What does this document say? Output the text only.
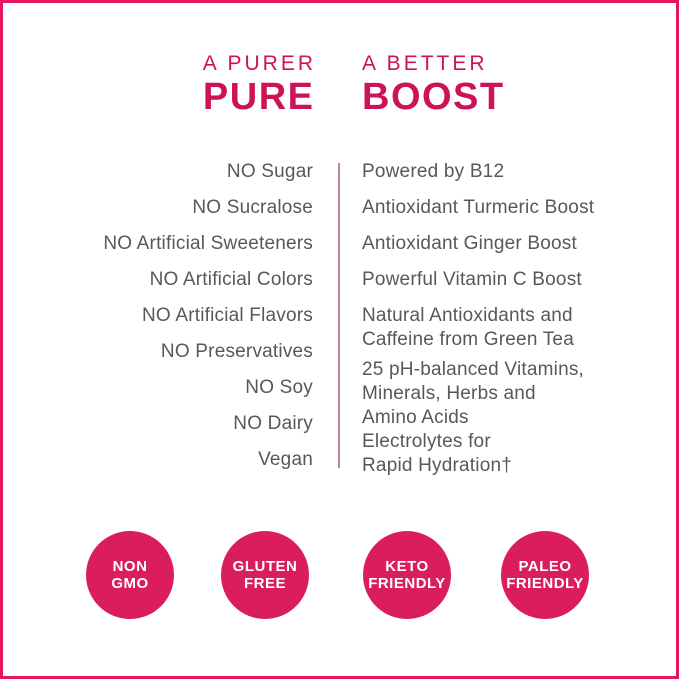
A PURER
PURE
A BETTER
BOOST
NO Sugar
NO Sucralose
NO Artificial Sweeteners
NO Artificial Colors
NO Artificial Flavors
NO Preservatives
NO Soy
NO Dairy
Vegan
Powered by B12
Antioxidant Turmeric Boost
Antioxidant Ginger Boost
Powerful Vitamin C Boost
Natural Antioxidants and
Caffeine from Green Tea
25 pH-balanced Vitamins,
Minerals, Herbs and
Amino Acids
Electrolytes for
Rapid Hydration†
NON
GMO
GLUTEN
FREE
KETO
FRIENDLY
PALEO
FRIENDLY
